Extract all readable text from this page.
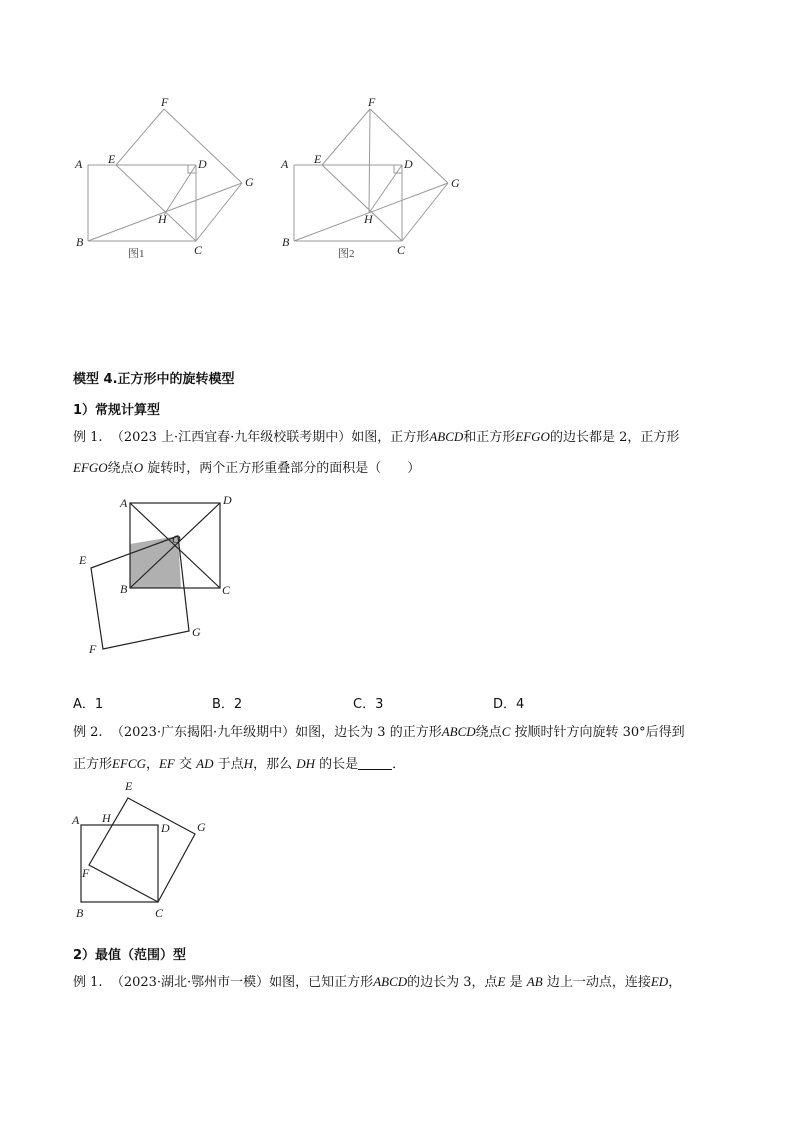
A
B
C
D
E
F
G
H
图1
A
B
C
D
E
F
G
H
图2
模型 4.正方形中的旋转模型
1）常规计算型
例 1. （2023 上·江西宜春·九年级校联考期中）如图，正方形ABCD和正方形EFGO的边长都是 2，正方形
EFGO绕点O 旋转时，两个正方形重叠部分的面积是（　　）
A
B	C
D
E
F
G
O
A．1	B．2	C．3	D．4
例 2. （2023·广东揭阳·九年级期中）如图，边长为 3 的正方形ABCD绕点C 按顺时针方向旋转 30°后得到
正方形EFCG，EF 交 AD 于点H，那么 DH 的长是	．
A
B	C
D
E
F
G
H
2）最值（范围）型
例 1. （2023·湖北·鄂州市一模）如图，已知正方形ABCD的边长为 3，点E 是 AB 边上一动点，连接ED，
